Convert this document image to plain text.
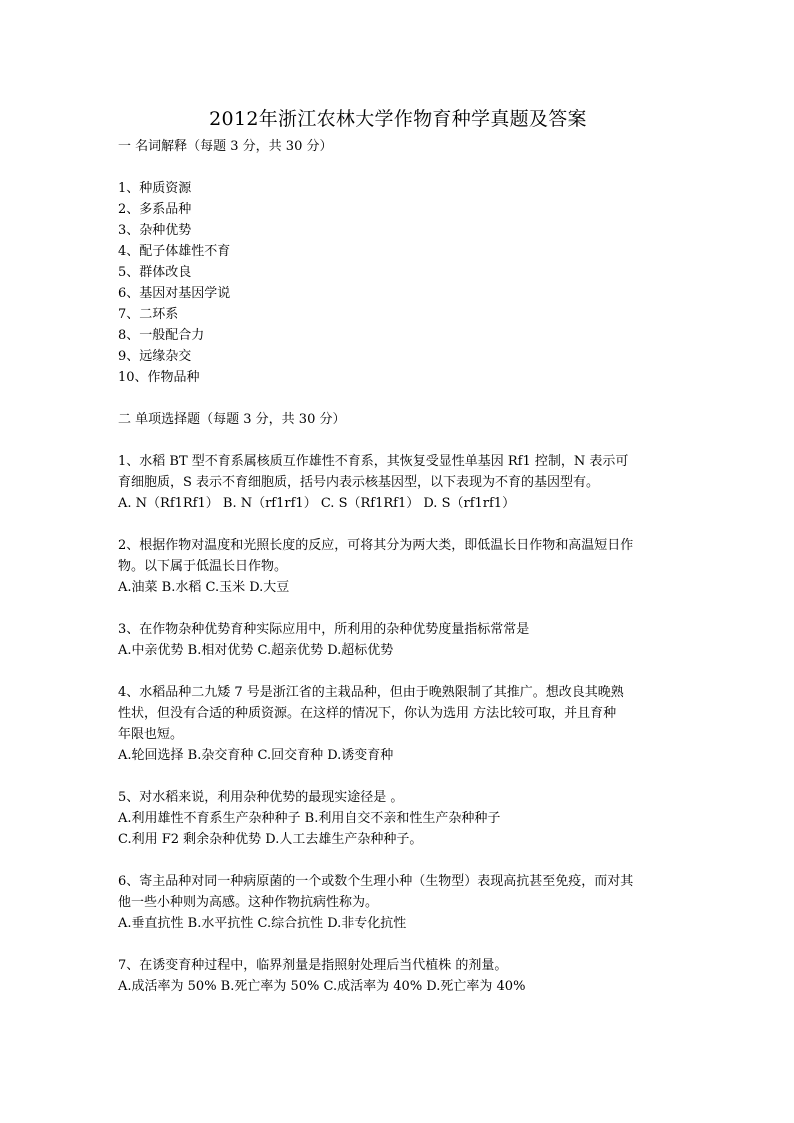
2012年浙江农林大学作物育种学真题及答案
一 名词解释（每题 3 分，共 30 分）
1、种质资源
2、多系品种
3、杂种优势
4、配子体雄性不育
5、群体改良
6、基因对基因学说
7、二环系
8、一般配合力
9、远缘杂交
10、作物品种
二 单项选择题（每题 3 分，共 30 分）
1、水稻 BT 型不育系属核质互作雄性不育系，其恢复受显性单基因 Rf1 控制，N 表示可
育细胞质，S 表示不育细胞质，括号内表示核基因型，以下表现为不育的基因型有。
A. N（Rf1Rf1） B. N（rf1rf1） C. S（Rf1Rf1） D. S（rf1rf1）
2、根据作物对温度和光照长度的反应，可将其分为两大类，即低温长日作物和高温短日作
物。以下属于低温长日作物。
A.油菜 B.水稻 C.玉米 D.大豆
3、在作物杂种优势育种实际应用中，所利用的杂种优势度量指标常常是
A.中亲优势 B.相对优势 C.超亲优势 D.超标优势
4、水稻品种二九矮 7 号是浙江省的主栽品种，但由于晚熟限制了其推广。想改良其晚熟
性状，但没有合适的种质资源。在这样的情况下，你认为选用 方法比较可取，并且育种
年限也短。
A.轮回选择 B.杂交育种 C.回交育种 D.诱变育种
5、对水稻来说，利用杂种优势的最现实途径是 。
A.利用雄性不育系生产杂种种子 B.利用自交不亲和性生产杂种种子
C.利用 F2 剩余杂种优势 D.人工去雄生产杂种种子。
6、寄主品种对同一种病原菌的一个或数个生理小种（生物型）表现高抗甚至免疫，而对其
他一些小种则为高感。这种作物抗病性称为。
A.垂直抗性 B.水平抗性 C.综合抗性 D.非专化抗性
7、在诱变育种过程中，临界剂量是指照射处理后当代植株 的剂量。
A.成活率为 50% B.死亡率为 50% C.成活率为 40% D.死亡率为 40%
